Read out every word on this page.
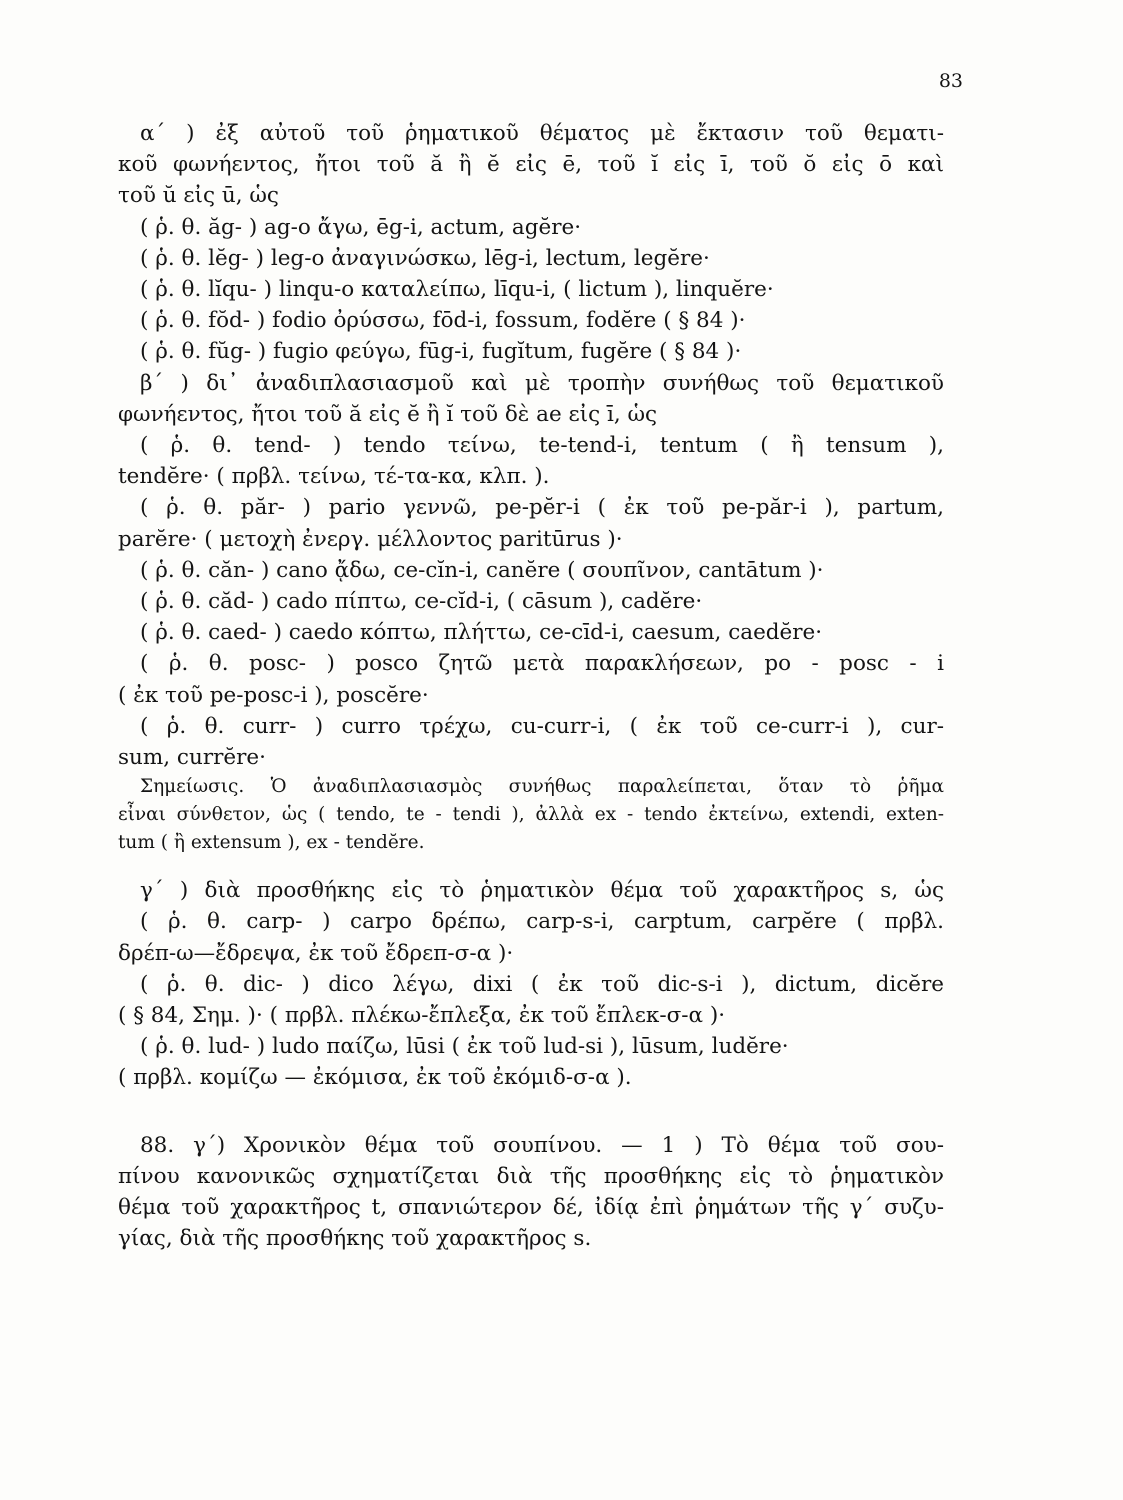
83
α΄ ) ἐξ αὐτοῦ τοῦ ῥηματικοῦ θέματος μὲ ἔκτασιν τοῦ θεματι-
κοῦ φωνήεντος, ἤτοι τοῦ ă ἢ ĕ εἰς ē, τοῦ ĭ εἰς ī, τοῦ ŏ εἰς ō καὶ
τοῦ ŭ εἰς ū, ὡς
( ῥ. θ. ăg- ) ag-o ἄγω, ēg-i, actum, agĕre·
( ῥ. θ. lĕg- ) leg-o ἀναγινώσκω, lēg-i, lectum, legĕre·
( ῥ. θ. lĭqu- ) linqu-o καταλείπω, līqu-i, ( lictum ), linquĕre·
( ῥ. θ. fŏd- ) fodio ὀρύσσω, fōd-i, fossum, fodĕre ( § 84 )·
( ῥ. θ. fŭg- ) fugio φεύγω, fūg-i, fugĭtum, fugĕre ( § 84 )·
β΄ ) δι᾽ ἀναδιπλασιασμοῦ καὶ μὲ τροπὴν συνήθως τοῦ θεματικοῦ
φωνήεντος, ἤτοι τοῦ ă εἰς ĕ ἢ ĭ τοῦ δὲ ae εἰς ī, ὡς
( ῥ. θ. tend- ) tendo τείνω, te-tend-i, tentum ( ἢ tensum ),
tendĕre· ( πρβλ. τείνω, τέ-τα-κα, κλπ. ).
( ῥ. θ. păr- ) pario γεννῶ, pe-pĕr-i ( ἐκ τοῦ pe-păr-i ), partum,
parĕre· ( μετοχὴ ἐνεργ. μέλλοντος paritūrus )·
( ῥ. θ. căn- ) cano ᾄδω, ce-cĭn-i, canĕre ( σουπῖνον, cantātum )·
( ῥ. θ. căd- ) cado πίπτω, ce-cĭd-i, ( cāsum ), cadĕre·
( ῥ. θ. caed- ) caedo κόπτω, πλήττω, ce-cīd-i, caesum, caedĕre·
( ῥ. θ. posc- ) posco ζητῶ μετὰ παρακλήσεων, po - posc - i
( ἐκ τοῦ pe-posc-i ), poscĕre·
( ῥ. θ. curr- ) curro τρέχω, cu-curr-i, ( ἐκ τοῦ ce-curr-i ), cur-
sum, currĕre·
Σημείωσις. Ὁ ἀναδιπλασιασμὸς συνήθως παραλείπεται, ὅταν τὸ ῥῆμα
εἶναι σύνθετον, ὡς ( tendo, te - tendi ), ἀλλὰ ex - tendo ἐκτείνω, extendi, exten-
tum ( ἢ extensum ), ex - tendĕre.
γ΄ ) διὰ προσθήκης εἰς τὸ ῥηματικὸν θέμα τοῦ χαρακτῆρος s, ὡς
( ῥ. θ. carp- ) carpo δρέπω, carp-s-i, carptum, carpĕre ( πρβλ.
δρέπ-ω—ἔδρεψα, ἐκ τοῦ ἔδρεπ-σ-α )·
( ῥ. θ. dic- ) dico λέγω, dixi ( ἐκ τοῦ dic-s-i ), dictum, dicĕre
( § 84, Σημ. )· ( πρβλ. πλέκω-ἔπλεξα, ἐκ τοῦ ἔπλεκ-σ-α )·
( ῥ. θ. lud- ) ludo παίζω, lūsi ( ἐκ τοῦ lud-si ), lūsum, ludĕre·
( πρβλ. κομίζω — ἐκόμισα, ἐκ τοῦ ἐκόμιδ-σ-α ).
88. γ΄) Χρονικὸν θέμα τοῦ σουπίνου. — 1 ) Τὸ θέμα τοῦ σου-
πίνου κανονικῶς σχηματίζεται διὰ τῆς προσθήκης εἰς τὸ ῥηματικὸν
θέμα τοῦ χαρακτῆρος t, σπανιώτερον δέ, ἰδίᾳ ἐπὶ ῥημάτων τῆς γ΄ συζυ-
γίας, διὰ τῆς προσθήκης τοῦ χαρακτῆρος s.
